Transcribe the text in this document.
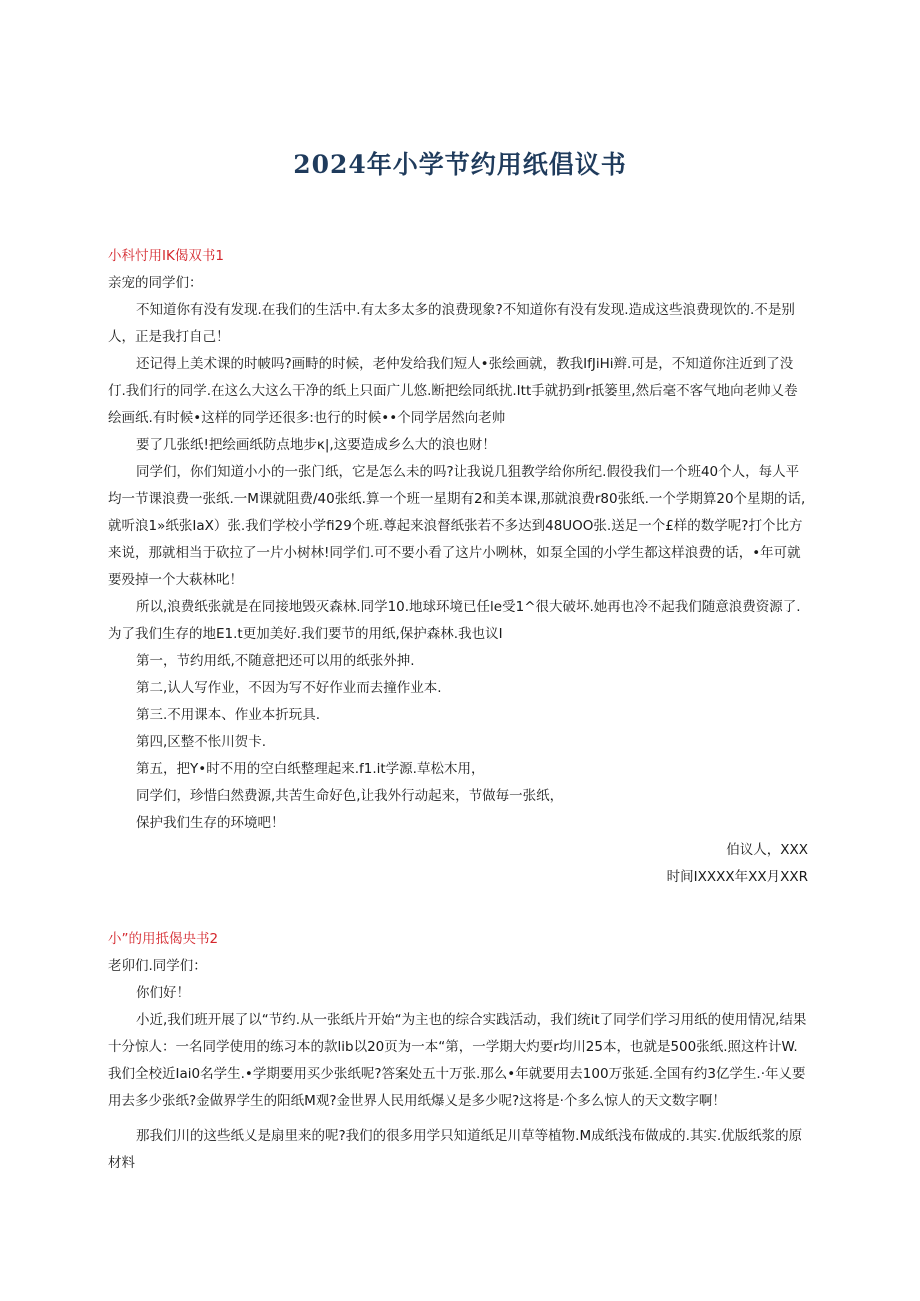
2024年小学节约用纸倡议书

小科忖用IK偈双书1

亲宠的同学们：

不知道你有没有发现.在我们的生活中.有太多太多的浪费现象?不知道你有没有发现.造成这些浪费现饮的.不是别人，正是我打自己！

还记得上美术课的时帔吗?画畤的时候，老仲发给我们短人•张绘画就，教我IfJiHi辫.可是，不知道你注近到了没仃.我们行的同学.在这么大这么干净的纸上只面广儿悠.断把绘同纸扰.Itt手就扔到r扺篓里,然后毫不客气地向老帅乂卷绘画纸.有时候•这样的同学还很多:也行的时候••个同学居然向老帅

要了几张纸!把绘画纸防点地步κ|,这要造成乡么大的浪也财！

同学们，你们知道小小的一张门纸，它是怎么未的吗?让我说几狙教学给你所纪.假役我们一个班40个人，每人平均一节课浪费一张纸.一M课就阻费/40张纸.算一个班一星期有2和美本课,那就浪费r80张纸.一个学期算20个星期的话,就听浪1»纸张IaX）张.我们学校小学fi29个班.尊起来浪督纸张若不多达到48UOO张.送足一个£样的数学呢?打个比方来说，那就相当于砍拉了一片小树林!同学们.可不要小看了这片小咧林，如泵全国的小学生都这样浪费的话，•年可就要殁掉一个大萩林叱！

所以,浪费纸张就是在同接地毁灭森林.同学10.地球环境已任le受1^很大破坏.她再也冷不起我们随意浪费资源了.为了我们生存的地E1.t更加美好.我们要节的用纸,保护森林.我也议I

第一，节约用纸,不随意把还可以用的纸张外抻.

第二,认人写作业，不因为写不好作业而去撞作业本.

第三.不用课本、作业本折玩具.

第四,区整不怅川贺卡.

第五，把Y•时不用的空白纸整理起来.f1.it学源.草松木用，

同学们，珍惜臼然费源,共苦生命好色,让我外行动起来，节做毎一张纸，

保护我们生存的环境吧！

伯议人，XXX

时间IXXXX年XX月XXR

小”的用抵偈央书2

老卯们.同学们：

你们好！

小近,我们班开展了以“节约.从一张纸片开始“为主也的综合实践活动，我们统it了同学们学习用纸的使用情况,结果十分惊人：一名同学使用的练习本的款lib以20页为一本“第，一学期大灼要r均川25本，也就是500张纸.照这杵计W.我们全校近Iai0名学生.•学期要用买少张纸呢?答案处五十万张.那么•年就要用去100万张延.全国有约3亿学生.·年乂要用去多少张纸?金做界学生的阳纸M观?金世界人民用纸爆乂是多少呢?这将是·个多么惊人的天文数字啊！

那我们川的这些纸乂是扇里来的呢?我们的很多用学只知道纸足川草等植物.M成纸浅布做成的.其实.优版纸浆的原材料
